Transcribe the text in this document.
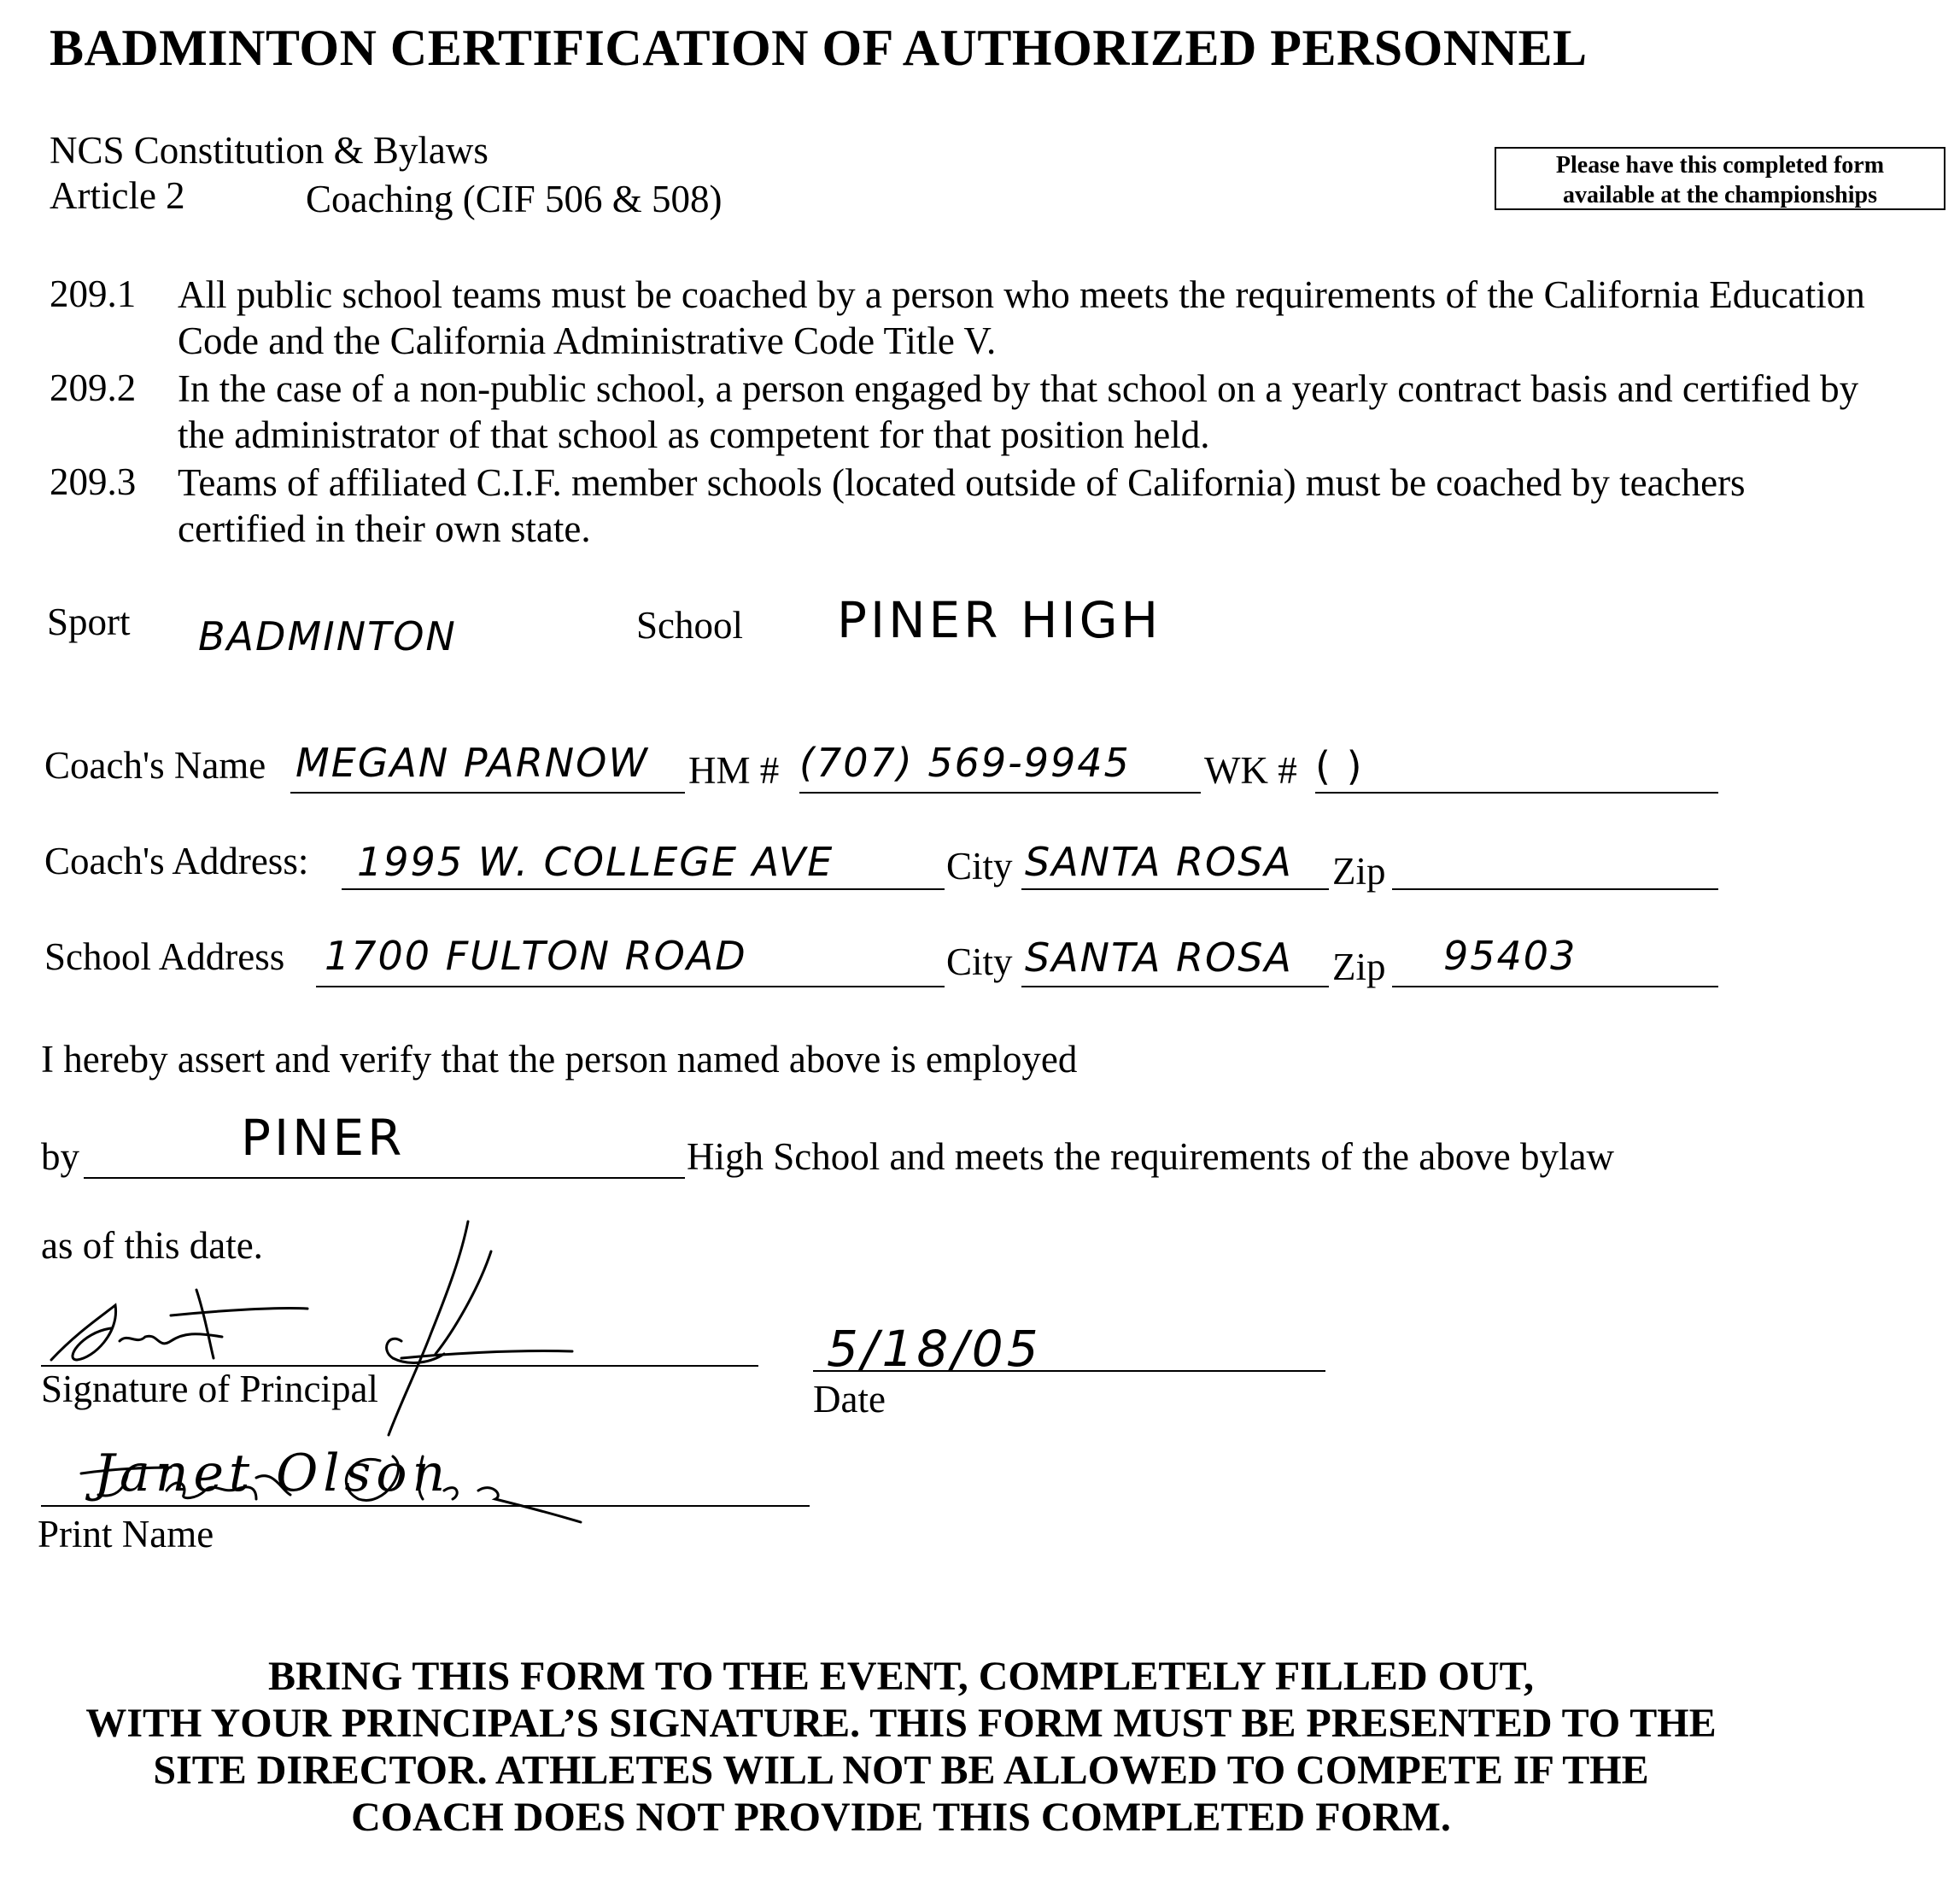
BADMINTON CERTIFICATION OF AUTHORIZED PERSONNEL
NCS Constitution & Bylaws
Article 2	Coaching (CIF 506 & 508)
Please have this completed form
available at the championships
209.1 All public school teams must be coached by a person who meets the requirements of the California Education Code and the California Administrative Code Title V.
209.2 In the case of a non-public school, a person engaged by that school on a yearly contract basis and certified by the administrator of that school as competent for that position held.
209.3 Teams of affiliated C.I.F. member schools (located outside of California) must be coached by teachers certified in their own state.
Sport BADMINTON	School PINER HIGH
Coach's Name MEGAN PARNOW HM # (707) 569-9945 WK # ( )
Coach's Address: 1995 W. COLLEGE AVE	City SANTA ROSA Zip
School Address 1700 FULTON ROAD	City SANTA ROSA Zip 95403
I hereby assert and verify that the person named above is employed
by	PINER	High School and meets the requirements of the above bylaw
as of this date.
Signature of Principal
5/18/05
Date
Janet Olson
Print Name
BRING THIS FORM TO THE EVENT, COMPLETELY FILLED OUT,
WITH YOUR PRINCIPAL’S SIGNATURE. THIS FORM MUST BE PRESENTED TO THE
SITE DIRECTOR. ATHLETES WILL NOT BE ALLOWED TO COMPETE IF THE
COACH DOES NOT PROVIDE THIS COMPLETED FORM.
